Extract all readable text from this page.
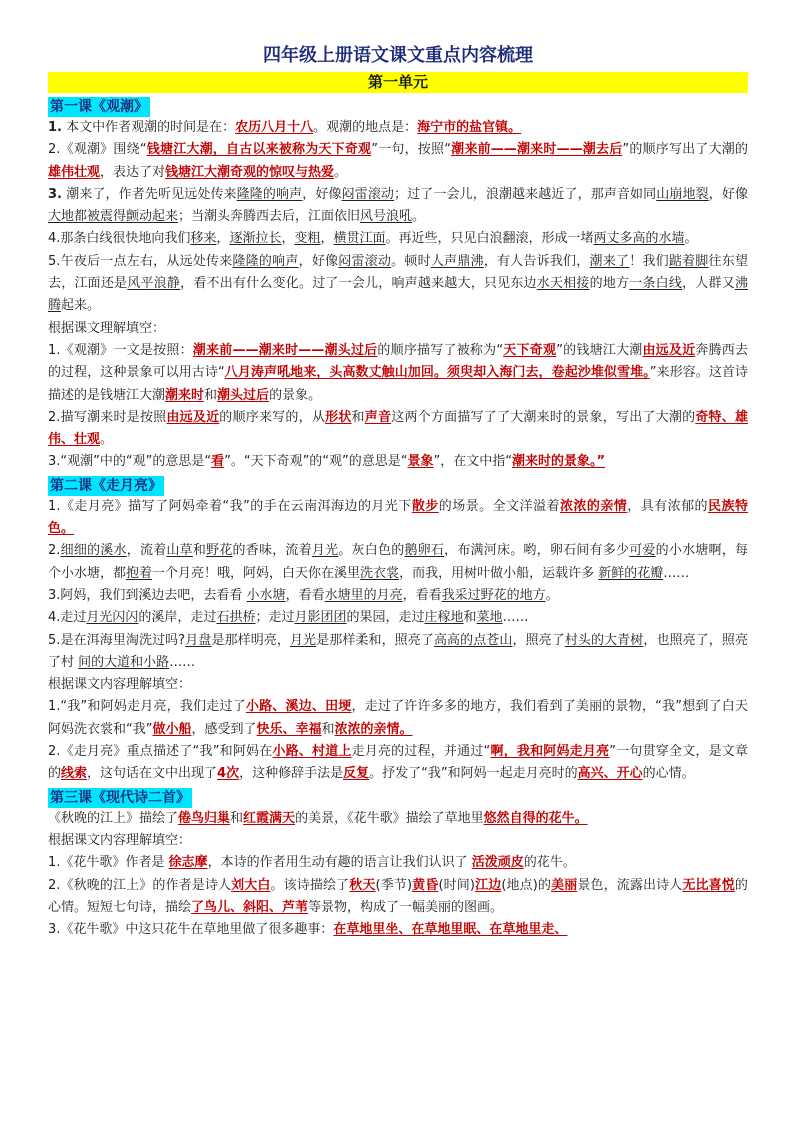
四年级上册语文课文重点内容梳理
第一单元
第一课《观潮》

1. 本文中作者观潮的时间是在：农历八月十八。观潮的地点是：海宁市的盐官镇。

2.《观潮》围绕“钱塘江大潮，自古以来被称为天下奇观”一句，按照“潮来前——潮来时——潮去后”的顺序写出了大潮的雄伟壮观，表达了对钱塘江大潮奇观的惊叹与热爱。

3. 潮来了，作者先听见远处传来隆隆的响声，好像闷雷滚动；过了一会儿，浪潮越来越近了，那声音如同山崩地裂，好像大地都被震得颤动起来；当潮头奔腾西去后，江面依旧风号浪吼。

4.那条白线很快地向我们移来，逐渐拉长，变粗，横贯江面。再近些，只见白浪翻滚，形成一堵两丈多高的水墙。

5.午夜后一点左右，从远处传来隆隆的响声，好像闷雷滚动。顿时人声鼎沸，有人告诉我们，潮来了！我们踮着脚往东望去，江面还是风平浪静，看不出有什么变化。过了一会儿，响声越来越大，只见东边水天相接的地方一条白线，人群又沸腾起来。

根据课文理解填空：

1.《观潮》一文是按照：潮来前——潮来时——潮头过后的顺序描写了被称为“天下奇观”的钱塘江大潮由远及近奔腾西去的过程，这种景象可以用古诗“八月涛声吼地来，头高数丈触山加回。须臾却入海门去，卷起沙堆似雪堆。”来形容。这首诗描述的是钱塘江大潮潮来时和潮头过后的景象。

2.描写潮来时是按照由远及近的顺序来写的，从形状和声音这两个方面描写了了大潮来时的景象，写出了大潮的奇特、雄伟、壮观。

3.“观潮”中的“观”的意思是“看”。“天下奇观”的“观”的意思是“景象”，在文中指“潮来时的景象。”

第二课《走月亮》

1.《走月亮》描写了阿妈牵着“我”的手在云南洱海边的月光下散步的场景。全文洋溢着浓浓的亲情，具有浓郁的民族特色。

2.细细的溪水，流着山草和野花的香味，流着月光。灰白色的鹅卵石，布满河床。哟，卵石间有多少可爱的小水塘啊，每个小水塘，都抱着一个月亮！哦，阿妈，白天你在溪里洗衣裳，而我，用树叶做小船，运载许多 新鲜的花瓣……

3.阿妈，我们到溪边去吧，去看看 小水塘，看看水塘里的月亮，看看我采过野花的地方。

4.走过月光闪闪的溪岸，走过石拱桥；走过月影团团的果园，走过庄稼地和菜地……

5.是在洱海里淘洗过吗?月盘是那样明亮，月光是那样柔和，照亮了高高的点苍山，照亮了村头的大青树，也照亮了，照亮了村 间的大道和小路……

根据课文内容理解填空：

1.“我”和阿妈走月亮，我们走过了小路、溪边、田埂，走过了许许多多的地方，我们看到了美丽的景物，“我”想到了白天阿妈洗衣裳和“我”做小船，感受到了快乐、幸福和浓浓的亲情。

2.《走月亮》重点描述了“我”和阿妈在小路、村道上走月亮的过程，并通过“啊，我和阿妈走月亮”一句贯穿全文，是文章的线索，这句话在文中出现了4次，这种修辞手法是反复。抒发了“我”和阿妈一起走月亮时的高兴、开心的心情。

第三课《现代诗二首》

《秋晚的江上》描绘了倦鸟归巢和红霞满天的美景，《花牛歌》描绘了草地里悠然自得的花牛。

根据课文内容理解填空：

1.《花牛歌》作者是 徐志摩，本诗的作者用生动有趣的语言让我们认识了 活泼顽皮的花牛。

2.《秋晚的江上》的作者是诗人刘大白。该诗描绘了秋天(季节)黄昏(时间)江边(地点)的美丽景色，流露出诗人无比喜悦的心情。短短七句诗，描绘了鸟儿、斜阳、芦苇等景物，构成了一幅美丽的图画。

3.《花牛歌》中这只花牛在草地里做了很多趣事：在草地里坐、在草地里眠、在草地里走、
